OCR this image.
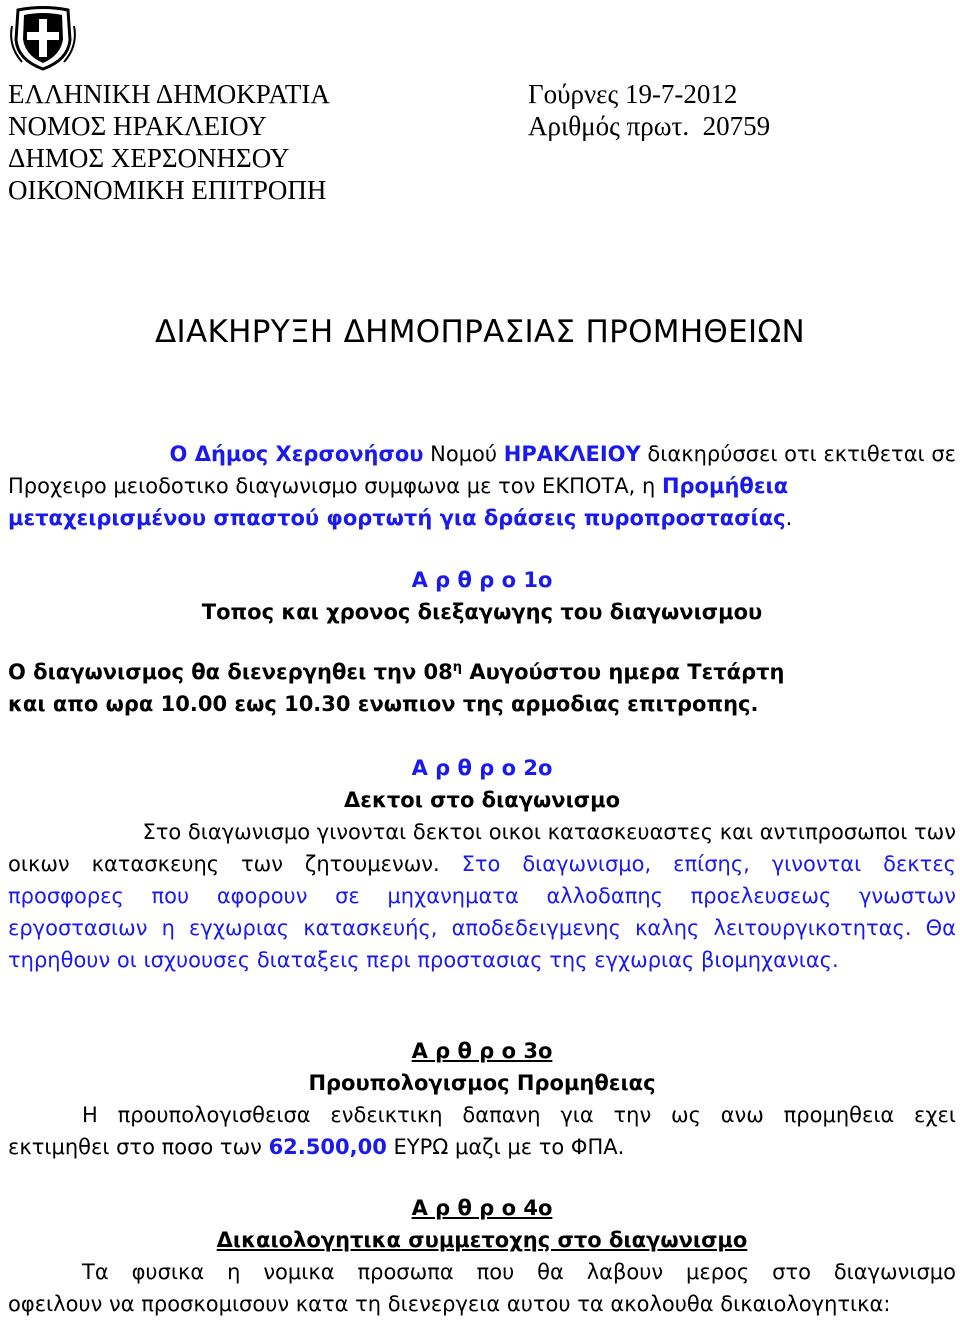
ΕΛΛΗΝΙΚΗ ΔΗΜΟΚΡΑΤΙΑ
ΝΟΜΟΣ ΗΡΑΚΛΕΙΟΥ
ΔΗΜΟΣ ΧΕΡΣΟΝΗΣΟΥ
ΟΙΚΟΝΟΜΙΚΗ ΕΠΙΤΡΟΠΗ
Γούρνες 19-7-2012
Αριθμός πρωτ.  20759
ΔΙΑΚΗΡΥΞΗ ΔΗΜΟΠΡΑΣΙΑΣ ΠΡΟΜΗΘΕΙΩΝ
Ο Δήμος Χερσονήσου Νομού ΗΡΑΚΛΕΙΟΥ διακηρύσσει οτι εκτιθεται σε
Προχειρο μειοδοτικο διαγωνισμο συμφωνα με τον ΕΚΠΟΤΑ, η Προμήθεια
μεταχειρισμένου σπαστού φορτωτή για δράσεις πυροπροστασίας.
Α ρ θ ρ ο 1ο
Τοπος και χρονος διεξαγωγης του διαγωνισμου
Ο διαγωνισμος θα διενεργηθει την $08^\eta$ Αυγούστου ημερα Τετάρτη
και απο ωρα 10.00 εως 10.30 ενωπιον της αρμοδιας επιτροπης.
Α ρ θ ρ ο 2ο
Δεκτοι στο διαγωνισμο
Στο διαγωνισμο γινονται δεκτοι οικοι κατασκευαστες και αντιπροσωποι των
οικων κατασκευης των ζητουμενων. Στο διαγωνισμο, επίσης, γινονται δεκτες
προσφορες που αφορουν σε μηχανηματα αλλοδαπης προελευσεως γνωστων
εργοστασιων η εγχωριας κατασκευής, αποδεδειγμενης καλης λειτουργικοτητας. Θα
τηρηθουν οι ισχυουσες διαταξεις περι προστασιας της εγχωριας βιομηχανιας.
Α ρ θ ρ ο 3ο
Προυπολογισμος Προμηθειας
Η προυπολογισθεισα ενδεικτικη δαπανη για την ως ανω προμηθεια εχει
εκτιμηθει στο ποσο των 62.500,00 ΕΥΡΩ μαζι με το ΦΠΑ.
Α ρ θ ρ ο 4ο
Δικαιολογητικα συμμετοχης στο διαγωνισμο
Τα φυσικα η νομικα προσωπα που θα λαβουν μερος στο διαγωνισμο
οφειλουν να προσκομισουν κατα τη διενεργεια αυτου τα ακολουθα δικαιολογητικα:
